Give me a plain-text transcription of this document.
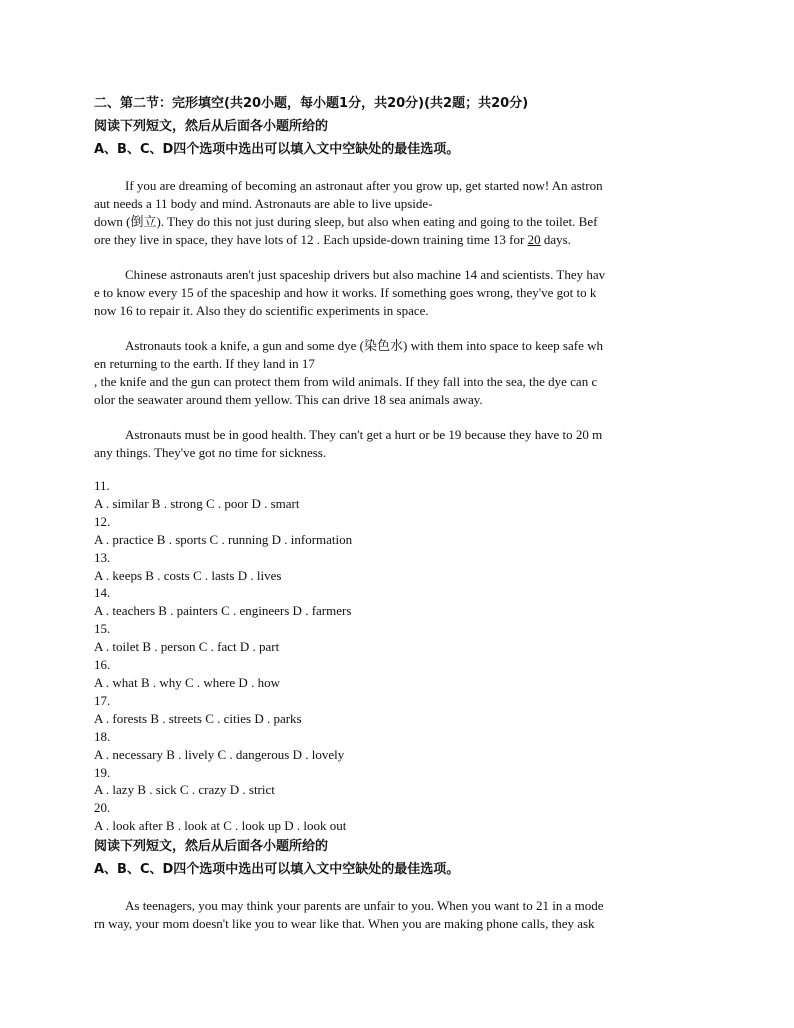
二、第二节：完形填空(共20小题，每小题1分，共20分)(共2题；共20分)
阅读下列短文，然后从后面各小题所给的
A、B、C、D四个选项中选出可以填入文中空缺处的最佳选项。

If you are dreaming of becoming an astronaut after you grow up, get started now! An astron

aut needs a 11 body and mind. Astronauts are able to live upside-

down (倒立). They do this not just during sleep, but also when eating and going to the toilet. Bef

ore they live in space, they have lots of 12 . Each upside-down training time 13 for 20 days.

Chinese astronauts aren't just spaceship drivers but also machine 14 and scientists. They hav

e to know every 15 of the spaceship and how it works. If something goes wrong, they've got to k

now 16 to repair it. Also they do scientific experiments in space.

Astronauts took a knife, a gun and some dye (染色水) with them into space to keep safe wh

en returning to the earth. If they land in 17

, the knife and the gun can protect them from wild animals. If they fall into the sea, the dye can c

olor the seawater around them yellow. This can drive 18 sea animals away.

Astronauts must be in good health. They can't get a hurt or be 19 because they have to 20 m

any things. They've got no time for sickness.

11.
A . similar B . strong C . poor D . smart
12.
A . practice B . sports C . running D . information
13.
A . keeps B . costs C . lasts D . lives
14.
A . teachers B . painters C . engineers D . farmers
15.
A . toilet B . person C . fact D . part
16.
A . what B . why C . where D . how
17.
A . forests B . streets C . cities D . parks
18.
A . necessary B . lively C . dangerous D . lovely
19.
A . lazy B . sick C . crazy D . strict
20.
A . look after B . look at C . look up D . look out
阅读下列短文，然后从后面各小题所给的
A、B、C、D四个选项中选出可以填入文中空缺处的最佳选项。

As teenagers, you may think your parents are unfair to you. When you want to 21 in a mode

rn way, your mom doesn't like you to wear like that. When you are making phone calls, they ask
